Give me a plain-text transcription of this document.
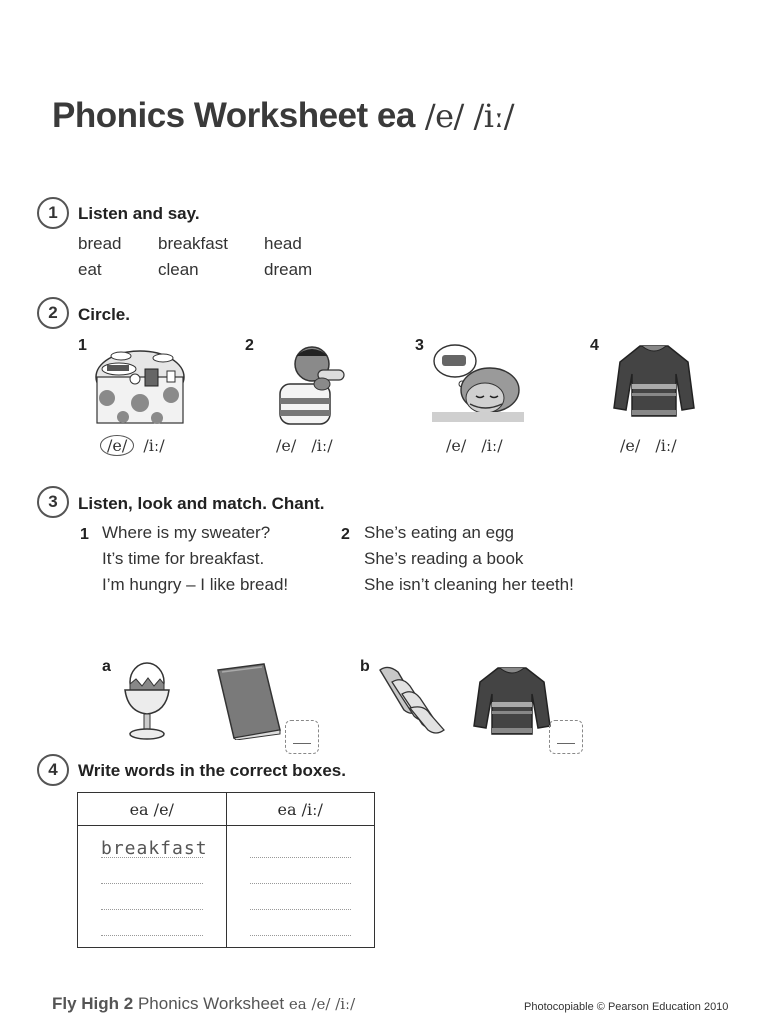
Phonics Worksheet ea /e/ /iː/
1	Listen and say.
bread breakfast head
eat	clean	dream
2	Circle.
1	2	3	4
/e/ /iː/	/e/ /iː/	/e/ /iː/	/e/ /iː/
3	Listen, look and match. Chant.
1 Where is my sweater?
It’s time for breakfast.
I’m hungry – I like bread!
2 She’s eating an egg
She’s reading a book
She isn’t cleaning her teeth!
a	b
4	Write words in the correct boxes.
ea /e/	ea /iː/

breakfast	

Fly High 2 Phonics Worksheet ea /e/ /iː/	Photocopiable © Pearson Education 2010
